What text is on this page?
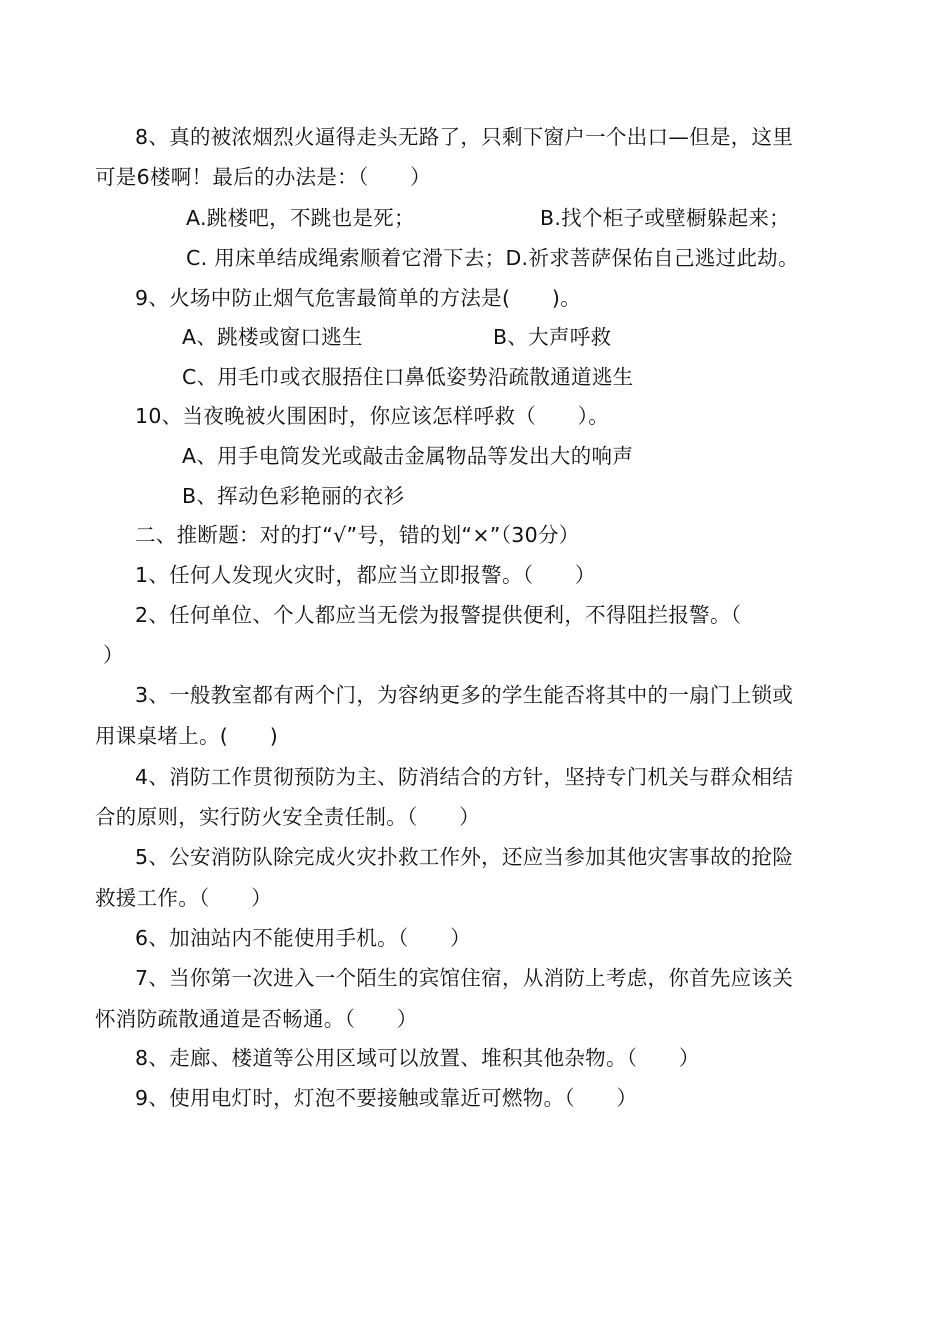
8、真的被浓烟烈火逼得走头无路了，只剩下窗户一个出口—但是，这里
可是6楼啊！最后的办法是：（　　）
A.跳楼吧，不跳也是死；	B.找个柜子或壁橱躲起来；
C. 用床单结成绳索顺着它滑下去；D.祈求菩萨保佑自己逃过此劫。
9、火场中防止烟气危害最简单的方法是(　　)。
A、跳楼或窗口逃生	B、大声呼救
C、用毛巾或衣服捂住口鼻低姿势沿疏散通道逃生
10、当夜晚被火围困时，你应该怎样呼救（　　）。
A、用手电筒发光或敲击金属物品等发出大的响声
B、挥动色彩艳丽的衣衫
二、推断题：对的打“√”号，错的划“×”（30分）
1、任何人发现火灾时，都应当立即报警。（　　）
2、任何单位、个人都应当无偿为报警提供便利，不得阻拦报警。（
）
3、一般教室都有两个门，为容纳更多的学生能否将其中的一扇门上锁或
用课桌堵上。(　　)
4、消防工作贯彻预防为主、防消结合的方针，坚持专门机关与群众相结
合的原则，实行防火安全责任制。（　　）
5、公安消防队除完成火灾扑救工作外，还应当参加其他灾害事故的抢险
救援工作。（　　）
6、加油站内不能使用手机。（　　）
7、当你第一次进入一个陌生的宾馆住宿，从消防上考虑，你首先应该关
怀消防疏散通道是否畅通。（　　）
8、走廊、楼道等公用区域可以放置、堆积其他杂物。（　　）
9、使用电灯时，灯泡不要接触或靠近可燃物。（　　）
